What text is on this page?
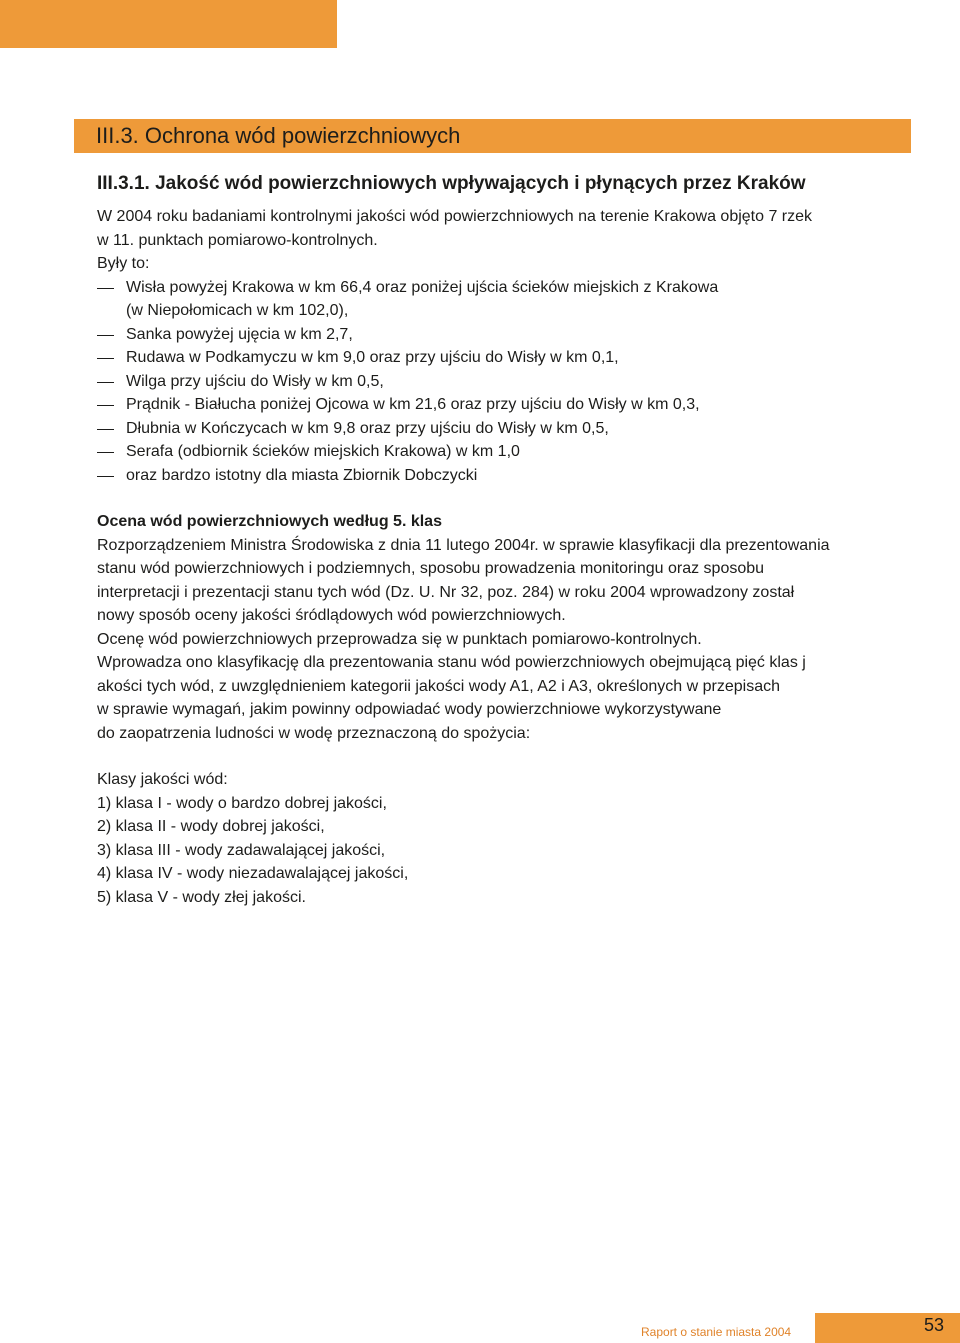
III.3. Ochrona wód powierzchniowych
III.3.1. Jakość wód powierzchniowych wpływających i płynących przez Kraków

W 2004 roku badaniami kontrolnymi jakości wód powierzchniowych na terenie Krakowa objęto 7 rzek

w 11. punktach pomiarowo-kontrolnych.

Były to:

Wisła powyżej Krakowa w km 66,4 oraz poniżej ujścia ścieków miejskich z Krakowa
(w Niepołomicach w km 102,0),
Sanka powyżej ujęcia w km 2,7,
Rudawa w Podkamyczu w km 9,0 oraz przy ujściu do Wisły w km 0,1,
Wilga przy ujściu do Wisły w km 0,5,
Prądnik - Białucha poniżej Ojcowa w km 21,6 oraz przy ujściu do Wisły w km 0,3,
Dłubnia w Kończycach w km 9,8 oraz przy ujściu do Wisły w km 0,5,
Serafa (odbiornik ścieków miejskich Krakowa) w km 1,0
oraz bardzo istotny dla miasta Zbiornik Dobczycki
Ocena wód powierzchniowych według 5. klas

Rozporządzeniem Ministra Środowiska z dnia 11 lutego 2004r. w sprawie klasyfikacji dla prezentowania

stanu wód powierzchniowych i podziemnych, sposobu prowadzenia monitoringu oraz sposobu

interpretacji i prezentacji stanu tych wód (Dz. U. Nr 32, poz. 284) w roku 2004 wprowadzony został

nowy sposób oceny jakości śródlądowych wód powierzchniowych.

Ocenę wód powierzchniowych przeprowadza się w punktach pomiarowo-kontrolnych.

Wprowadza ono klasyfikację dla prezentowania stanu wód powierzchniowych obejmującą pięć klas j

akości tych wód, z uwzględnieniem kategorii jakości wody A1, A2 i A3, określonych w przepisach

w sprawie wymagań, jakim powinny odpowiadać wody powierzchniowe wykorzystywane

do zaopatrzenia ludności w wodę przeznaczoną do spożycia:

Klasy jakości wód:

1) klasa I - wody o bardzo dobrej jakości,

2) klasa II - wody dobrej jakości,

3) klasa III - wody zadawalającej jakości,

4) klasa IV - wody niezadawalającej jakości,

5) klasa V - wody złej jakości.

Raport o stanie miasta 2004	53
